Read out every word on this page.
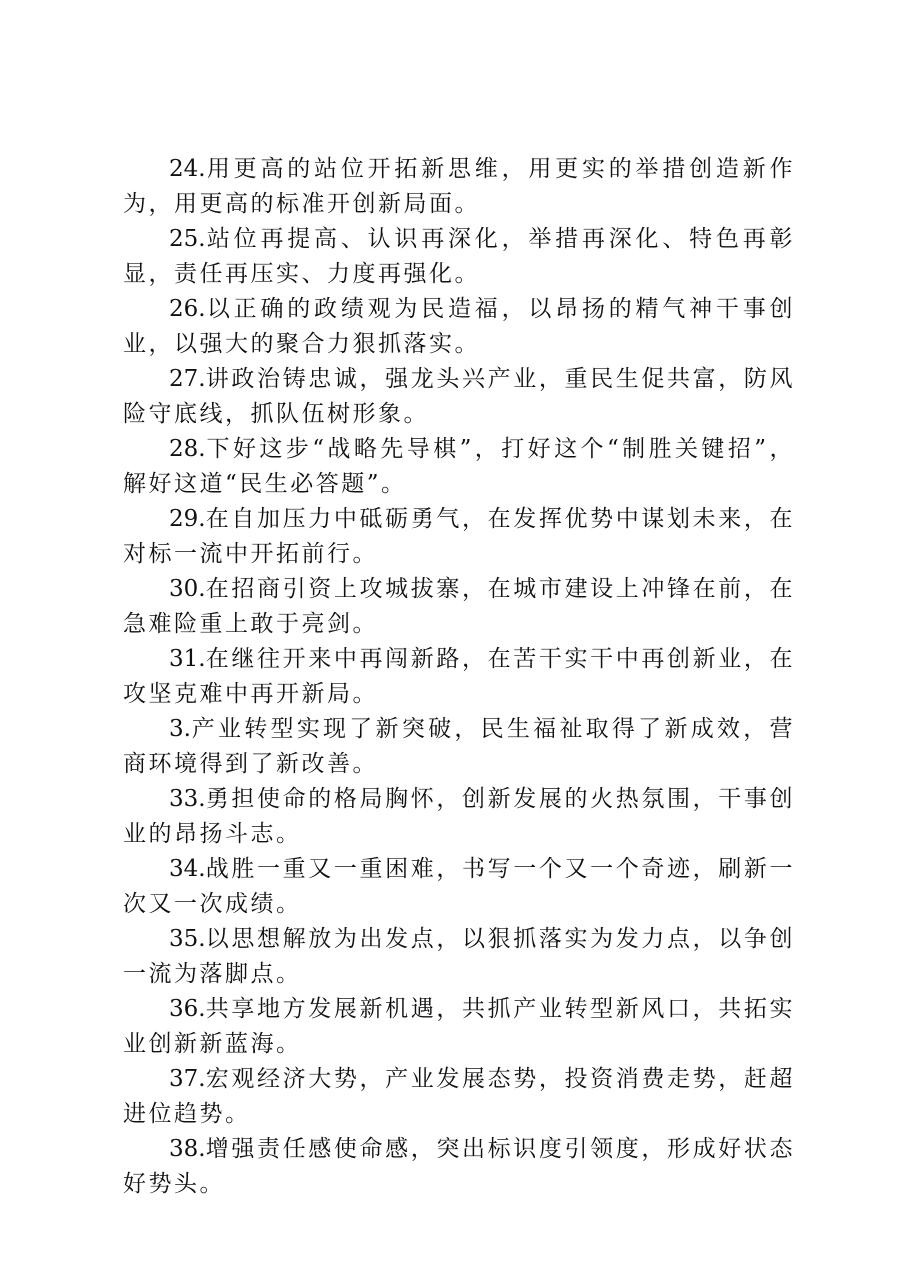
24.用更高的站位开拓新思维，用更实的举措创造新作为，用更高的标准开创新局面。

25.站位再提高、认识再深化，举措再深化、特色再彰显，责任再压实、力度再强化。

26.以正确的政绩观为民造福，以昂扬的精气神干事创业，以强大的聚合力狠抓落实。

27.讲政治铸忠诚，强龙头兴产业，重民生促共富，防风险守底线，抓队伍树形象。

28.下好这步“战略先导棋”，打好这个“制胜关键招”，解好这道“民生必答题”。

29.在自加压力中砥砺勇气，在发挥优势中谋划未来，在对标一流中开拓前行。

30.在招商引资上攻城拔寨，在城市建设上冲锋在前，在急难险重上敢于亮剑。

31.在继往开来中再闯新路，在苦干实干中再创新业，在攻坚克难中再开新局。

3.产业转型实现了新突破，民生福祉取得了新成效，营商环境得到了新改善。

33.勇担使命的格局胸怀，创新发展的火热氛围，干事创业的昂扬斗志。

34.战胜一重又一重困难，书写一个又一个奇迹，刷新一次又一次成绩。

35.以思想解放为出发点，以狠抓落实为发力点，以争创一流为落脚点。

36.共享地方发展新机遇，共抓产业转型新风口，共拓实业创新新蓝海。

37.宏观经济大势，产业发展态势，投资消费走势，赶超进位趋势。

38.增强责任感使命感，突出标识度引领度，形成好状态好势头。
